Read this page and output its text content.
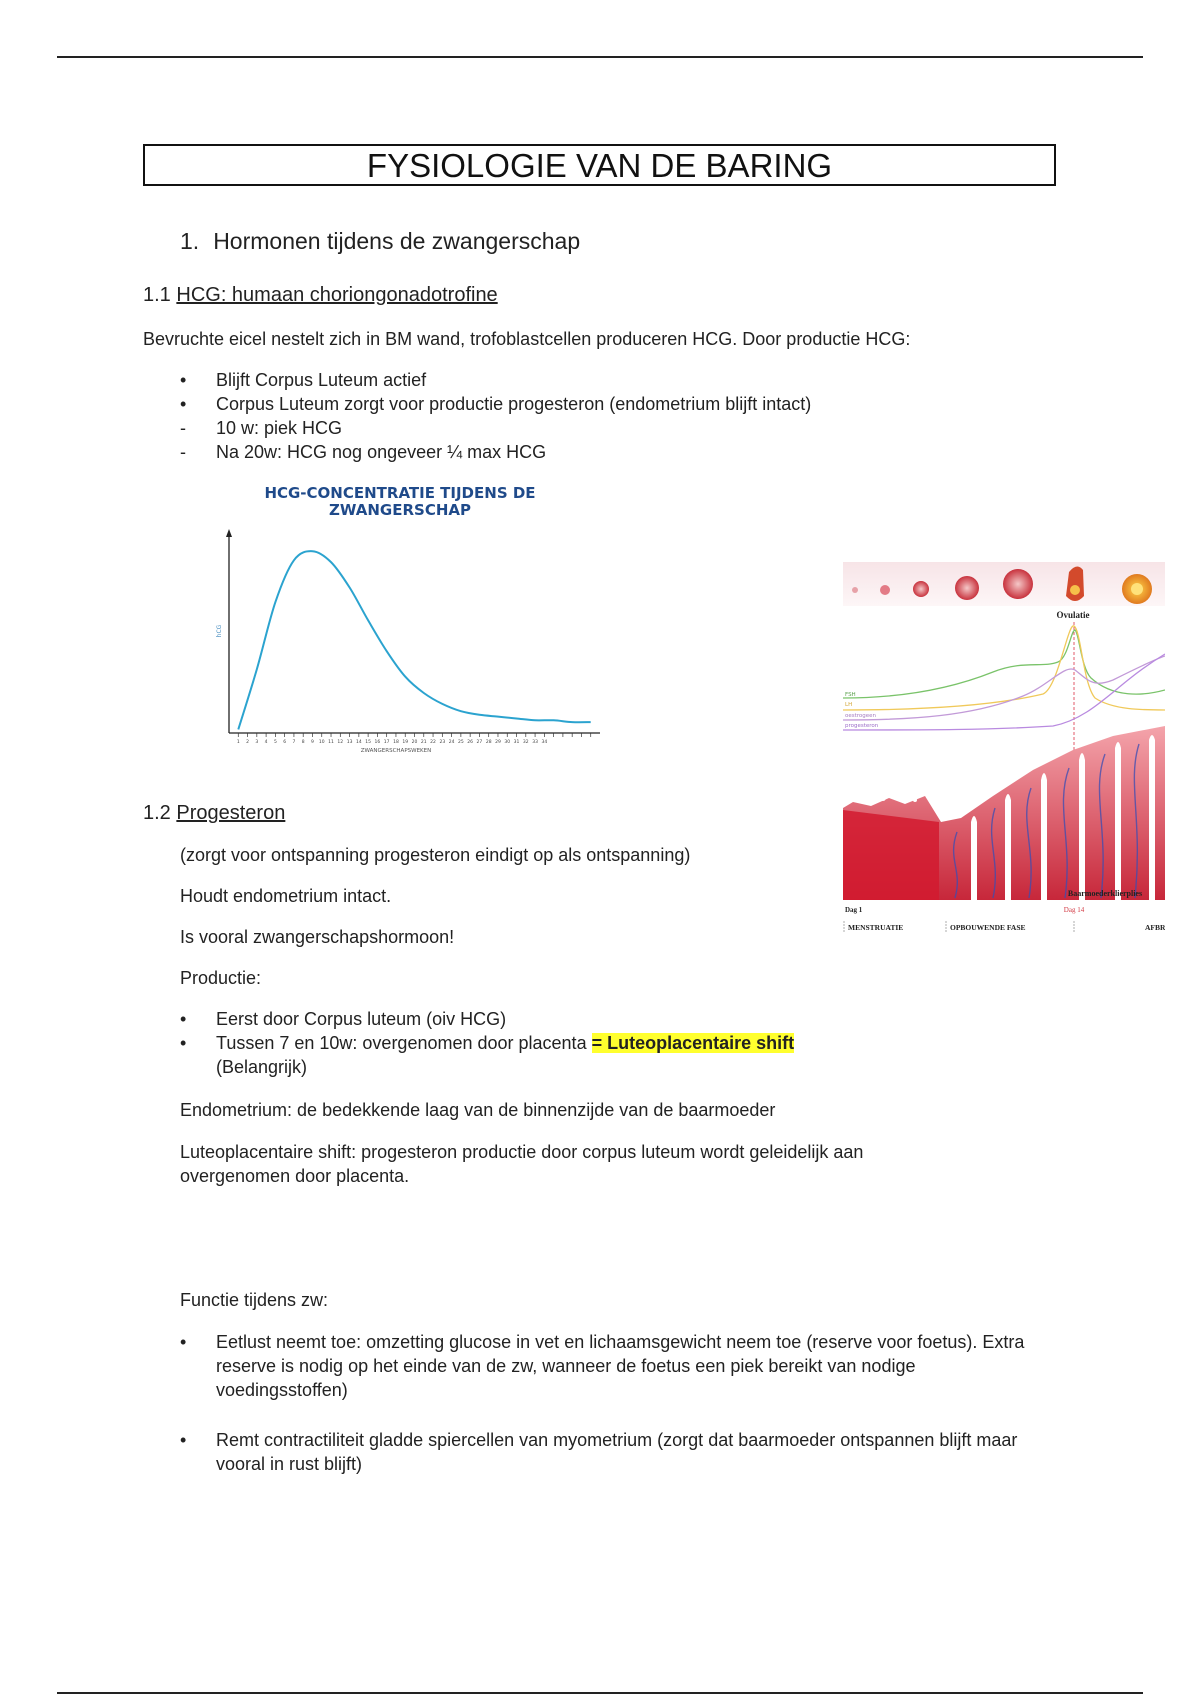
FYSIOLOGIE VAN DE BARING
1. Hormonen tijdens de zwangerschap
1.1 HCG: humaan choriongonadotrofine
Bevruchte eicel nestelt zich in BM wand, trofoblastcellen produceren HCG. Door productie HCG:
•	Blijft Corpus Luteum actief
•	Corpus Luteum zorgt voor productie progesteron (endometrium blijft intact)
-	10 w: piek HCG
-	Na 20w: HCG nog ongeveer ¼ max HCG
HCG-CONCENTRATIE TIJDENS DE ZWANGERSCHAP
hCG
ZWANGERSCHAPSWEKEN
1 2 3 4 5 6 7 8 9 10 11 12 13 14 15 16 17 18 19 20 21 22 23 24 25 26 27 28 29 30 31 32 33 34
Ovulatie
FSH
LH
oestrogeen
progesteron
Baarmoederklierplies
Dag 1	Dag 14
MENSTRUATIE	OPBOUWENDE FASE	AFBR
1.2 Progesteron
(zorgt voor ontspanning progesteron eindigt op als ontspanning)
Houdt endometrium intact.
Is vooral zwangerschapshormoon!
Productie:
•	Eerst door Corpus luteum (oiv HCG)
•	Tussen 7 en 10w: overgenomen door placenta = Luteoplacentaire shift
(Belangrijk)
Endometrium: de bedekkende laag van de binnenzijde van de baarmoeder
Luteoplacentaire shift: progesteron productie door corpus luteum wordt geleidelijk aan overgenomen door placenta.
Functie tijdens zw:
•	Eetlust neemt toe: omzetting glucose in vet en lichaamsgewicht neem toe (reserve voor foetus). Extra reserve is nodig op het einde van de zw, wanneer de foetus een piek bereikt van nodige voedingsstoffen)
•	Remt contractiliteit gladde spiercellen van myometrium (zorgt dat baarmoeder ontspannen blijft maar vooral in rust blijft)
